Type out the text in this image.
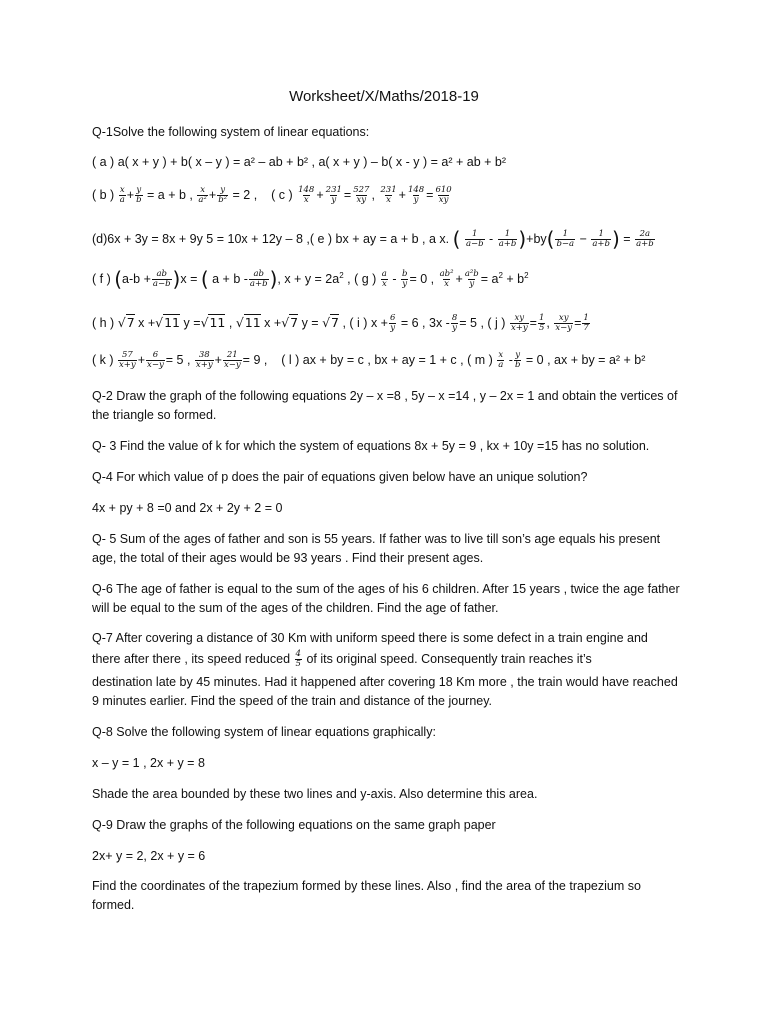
Worksheet/X/Maths/2018-19
Q-1Solve the following system of linear equations:
( a ) a( x + y ) + b( x – y ) = a² – ab + b² , a( x + y ) – b( x - y ) = a² + ab + b²
( b ) $\frac{x}{a} + \frac{y}{b} = a + b$ , $\frac{x}{\text{a²}} + \frac{y}{\text{b²}} = 2$ ,    ( c ) $\frac{148}{x} + \frac{231}{y} = \frac{527}{xy}$ , $\frac{231}{x} + \frac{148}{y} = \frac{610}{xy}$
(d)6x + 3y = 8x + 9y 5 = 10x + 12y – 8 ,( e ) bx + ay = a + b , a x. ( $\frac{1}{a-b} - \frac{1}{a+b} )+by( \frac{1}{b-a} - \frac{1}{a+b}$ ) = $\frac{2a}{a+b}$
( f ) $(a-b + \frac{ab}{a-b} )x$ = ( $a + b - \frac{ab}{a+b}$ ), $x + y = 2a^2$ , ( g ) $\frac{a}{x} - \frac{b}{y} = 0$ , $\frac{\text{ab²}}{x} + \frac{\text{a²b}}{y} = a^2 + b^2$
( h ) √7 x +√11 y =√11 , √11 x +√7 y = √7 , ( i ) $x + \frac{6}{y} = 6$ , $3x - \frac{8}{y} = 5$ , ( j ) $\frac{xy}{x+y} = \frac{1}{5}$ , $\frac{xy}{x-y} = \frac{1}{7}$
( k ) $\frac{57}{x+y} + \frac{6}{x-y} = 5$ , $\frac{38}{x+y} + \frac{21}{x-y} = 9$ ,    ( l ) ax + by = c , bx + ay = 1 + c , ( m ) $\frac{x}{a} - \frac{y}{b} = 0$ , ax + by = a² + b²
Q-2 Draw the graph of the following equations 2y – x =8 , 5y – x =14 , y – 2x = 1 and obtain the vertices of the triangle so formed.
Q- 3 Find the value of k for which the system of equations 8x + 5y = 9 , kx + 10y =15 has no solution.
Q-4 For which value of p does the pair of equations given below have an unique solution?
4x + py + 8 =0 and 2x + 2y + 2 = 0
Q- 5 Sum of the ages of father and son is 55 years. If father was to live till son’s age equals his present age, the total of their ages would be 93 years . Find their present ages.
Q-6 The age of father is equal to the sum of the ages of his 6 children. After 15 years , twice the age father will be equal to the sum of the ages of the children. Find the age of father.
Q-7 After covering a distance of 30 Km with uniform speed there is some defect in a train engine and
there after there , its speed reduced $\frac{4}{5}$ of its original speed. Consequently train reaches it’s
destination late by 45 minutes. Had it happened after covering 18 Km more , the train would have reached 9 minutes earlier. Find the speed of the train and distance of the journey.
Q-8 Solve the following system of linear equations graphically:
x – y = 1 , 2x + y = 8
Shade the area bounded by these two lines and y-axis. Also determine this area.
Q-9 Draw the graphs of the following equations on the same graph paper
2x+ y = 2, 2x + y = 6
Find the coordinates of the trapezium formed by these lines. Also , find the area of the trapezium so formed.
